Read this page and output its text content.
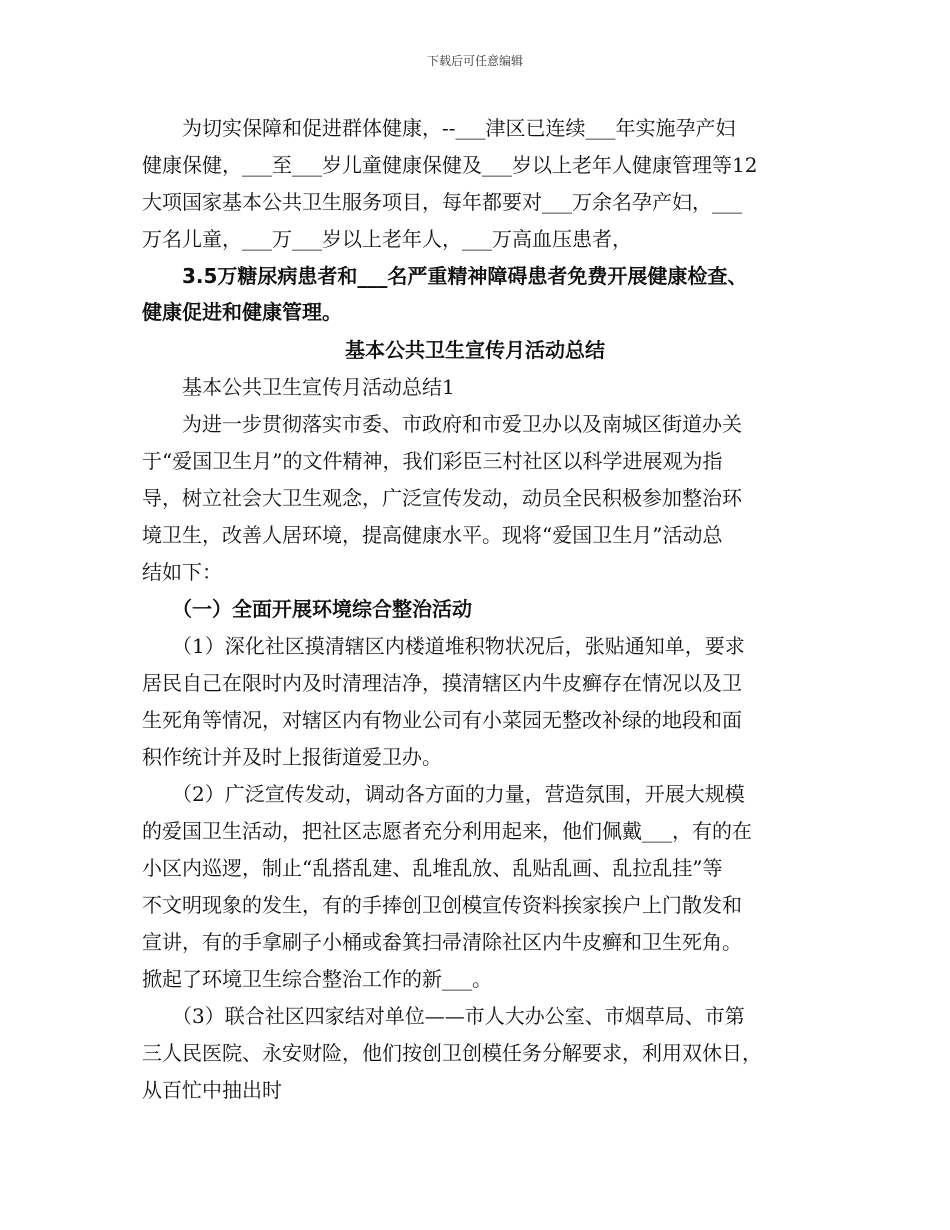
下载后可任意编辑
　　为切实保障和促进群体健康，--___津区已连续___年实施孕产妇
健康保健，___至___岁儿童健康保健及___岁以上老年人健康管理等12
大项国家基本公共卫生服务项目，每年都要对___万余名孕产妇，___
万名儿童，___万___岁以上老年人，___万高血压患者，
　　3.5万糖尿病患者和___名严重精神障碍患者免费开展健康检查、
健康促进和健康管理。
基本公共卫生宣传月活动总结
　　基本公共卫生宣传月活动总结1
　　为进一步贯彻落实市委、市政府和市爱卫办以及南城区街道办关
于“爱国卫生月”的文件精神，我们彩臣三村社区以科学进展观为指
导，树立社会大卫生观念，广泛宣传发动，动员全民积极参加整治环
境卫生，改善人居环境，提高健康水平。现将“爱国卫生月”活动总
结如下：
　　（一）全面开展环境综合整治活动
　　（1）深化社区摸清辖区内楼道堆积物状况后，张贴通知单，要求
居民自己在限时内及时清理洁净，摸清辖区内牛皮癣存在情况以及卫
生死角等情况，对辖区内有物业公司有小菜园无整改补绿的地段和面
积作统计并及时上报街道爱卫办。
　　（2）广泛宣传发动，调动各方面的力量，营造氛围，开展大规模
的爱国卫生活动，把社区志愿者充分利用起来，他们佩戴___，有的在
小区内巡逻，制止“乱搭乱建、乱堆乱放、乱贴乱画、乱拉乱挂”等
不文明现象的发生，有的手捧创卫创模宣传资料挨家挨户上门散发和
宣讲，有的手拿刷子小桶或畚箕扫帚清除社区内牛皮癣和卫生死角。
掀起了环境卫生综合整治工作的新___。
　　（3）联合社区四家结对单位——市人大办公室、市烟草局、市第
三人民医院、永安财险，他们按创卫创模任务分解要求，利用双休日，
从百忙中抽出时
